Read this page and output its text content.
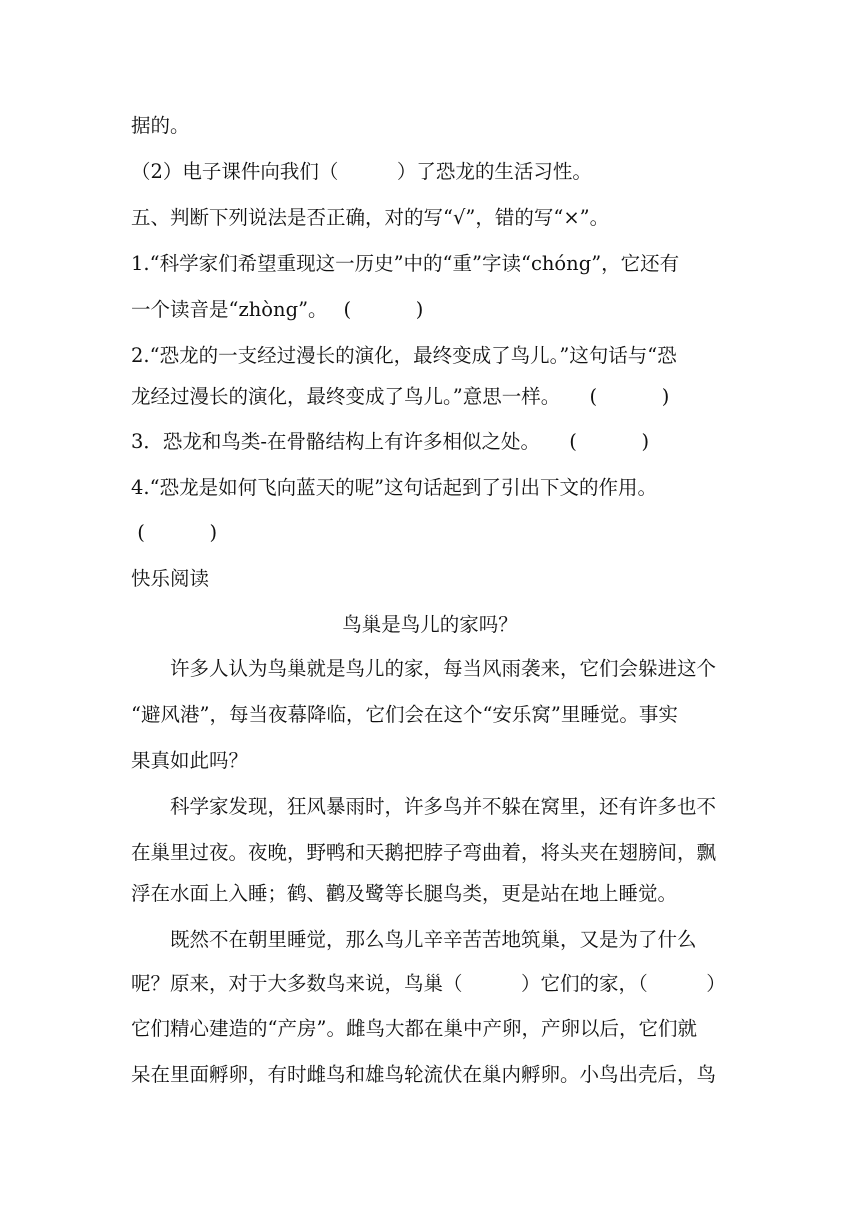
据的。
（2）电子课件向我们（　　　）了恐龙的生活习性。
五、判断下列说法是否正确，对的写“√”，错的写“×”。
1.“科学家们希望重现这一历史”中的“重”字读“chóng”，它还有
一个读音是“zhòng”。　 (　　　 )
2.“恐龙的一支经过漫长的演化，最终变成了鸟儿。”这句话与“恐
龙经过漫长的演化，最终变成了鸟儿。”意思一样。　　(　　　 )
3．恐龙和鸟类-在骨骼结构上有许多相似之处。　　(　　　 )
4.“恐龙是如何飞向蓝天的呢”这句话起到了引出下文的作用。
(　　　 )
快乐阅读
鸟巢是鸟儿的家吗？
　　许多人认为鸟巢就是鸟儿的家，每当风雨袭来，它们会躲进这个
“避风港”，每当夜幕降临，它们会在这个“安乐窝”里睡觉。事实
果真如此吗？
　　科学家发现，狂风暴雨时，许多鸟并不躲在窝里，还有许多也不
在巢里过夜。夜晚，野鸭和天鹅把脖子弯曲着，将头夹在翅膀间，飘
浮在水面上入睡；鹤、鹳及鹭等长腿鸟类，更是站在地上睡觉。
　　既然不在朝里睡觉，那么鸟儿辛辛苦苦地筑巢，又是为了什么
呢？原来，对于大多数鸟来说，鸟巢（　　　）它们的家，（　　　）
它们精心建造的“产房”。雌鸟大都在巢中产卵，产卵以后，它们就
呆在里面孵卵，有时雌鸟和雄鸟轮流伏在巢内孵卵。小鸟出壳后，鸟
